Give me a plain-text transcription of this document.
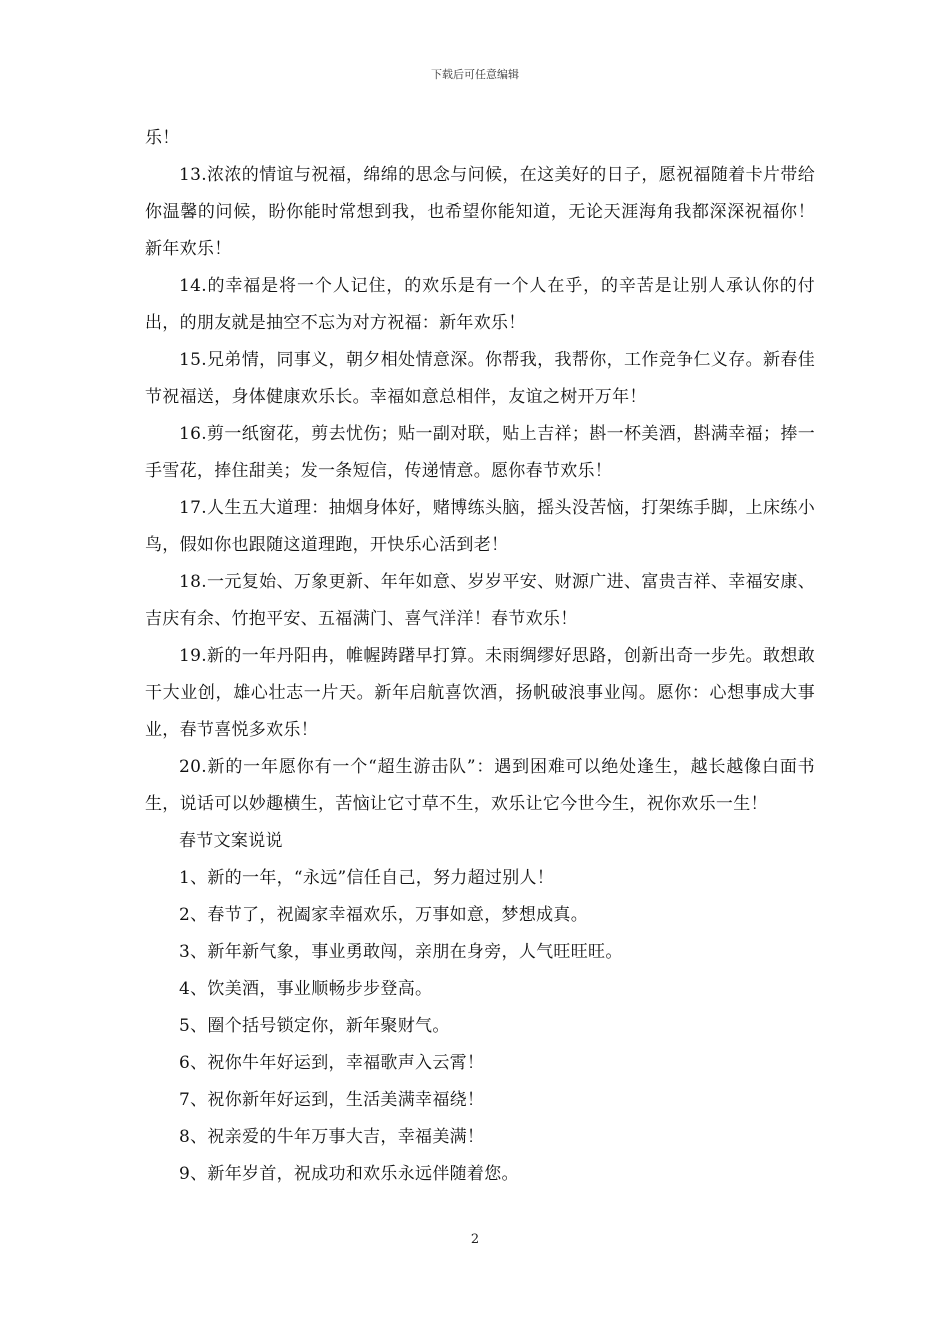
下载后可任意编辑

乐！

13.浓浓的情谊与祝福，绵绵的思念与问候，在这美好的日子，愿祝福随着卡片带给你温馨的问候，盼你能时常想到我，也希望你能知道，无论天涯海角我都深深祝福你！新年欢乐！

14.的幸福是将一个人记住，的欢乐是有一个人在乎，的辛苦是让别人承认你的付出，的朋友就是抽空不忘为对方祝福：新年欢乐！

15.兄弟情，同事义，朝夕相处情意深。你帮我，我帮你，工作竞争仁义存。新春佳节祝福送，身体健康欢乐长。幸福如意总相伴，友谊之树开万年！

16.剪一纸窗花，剪去忧伤；贴一副对联，贴上吉祥；斟一杯美酒，斟满幸福；捧一手雪花，捧住甜美；发一条短信，传递情意。愿你春节欢乐！

17.人生五大道理：抽烟身体好，赌博练头脑，摇头没苦恼，打架练手脚，上床练小鸟，假如你也跟随这道理跑，开快乐心活到老！

18.一元复始、万象更新、年年如意、岁岁平安、财源广进、富贵吉祥、幸福安康、吉庆有余、竹抱平安、五福满门、喜气洋洋！春节欢乐！

19.新的一年丹阳冉，帷幄踌躇早打算。未雨绸缪好思路，创新出奇一步先。敢想敢干大业创，雄心壮志一片天。新年启航喜饮酒，扬帆破浪事业闯。愿你：心想事成大事业，春节喜悦多欢乐！

20.新的一年愿你有一个“超生游击队”：遇到困难可以绝处逢生，越长越像白面书生，说话可以妙趣横生，苦恼让它寸草不生，欢乐让它今世今生，祝你欢乐一生！

春节文案说说

1、新的一年，“永远”信任自己，努力超过别人！

2、春节了，祝阖家幸福欢乐，万事如意，梦想成真。

3、新年新气象，事业勇敢闯，亲朋在身旁，人气旺旺旺。

4、饮美酒，事业顺畅步步登高。

5、圈个括号锁定你，新年聚财气。

6、祝你牛年好运到，幸福歌声入云霄！

7、祝你新年好运到，生活美满幸福绕！

8、祝亲爱的牛年万事大吉，幸福美满！

9、新年岁首，祝成功和欢乐永远伴随着您。

2
